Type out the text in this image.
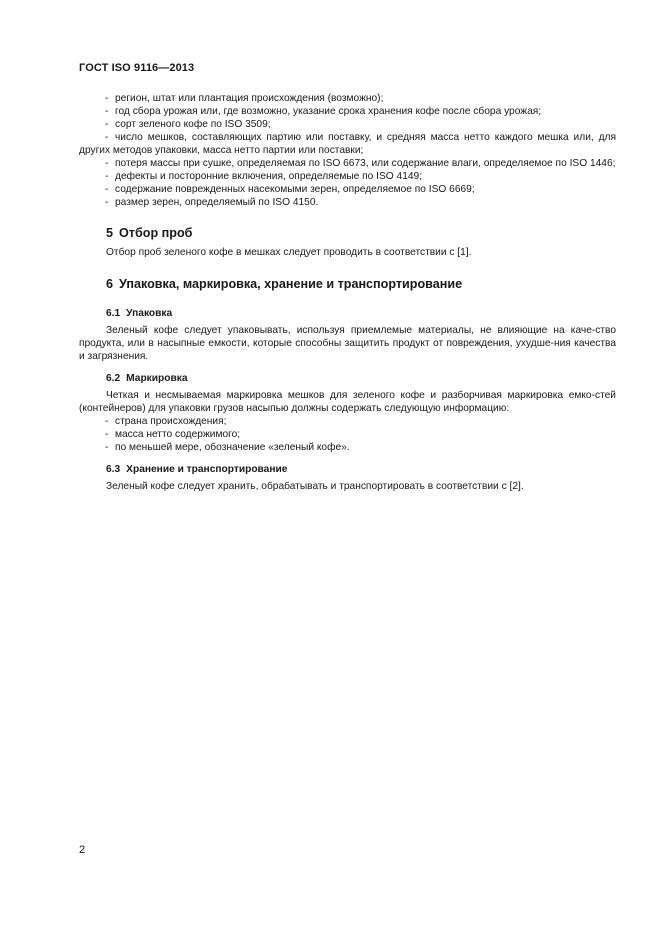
ГОСТ ISO 9116—2013
- регион, штат или плантация происхождения (возможно);
- год сбора урожая или, где возможно, указание срока хранения кофе после сбора урожая;
- сорт зеленого кофе по ISO 3509;
- число мешков, составляющих партию или поставку, и средняя масса нетто каждого мешка или, для других методов упаковки, масса нетто партии или поставки;
- потеря массы при сушке, определяемая по ISO 6673, или содержание влаги, определяемое по ISO 1446;
- дефекты и посторонние включения, определяемые по ISO 4149;
- содержание поврежденных насекомыми зерен, определяемое по ISO 6669;
- размер зерен, определяемый по ISO 4150.
5 Отбор проб
Отбор проб зеленого кофе в мешках следует проводить в соответствии с [1].
6 Упаковка, маркировка, хранение и транспортирование
6.1 Упаковка
Зеленый кофе следует упаковывать, используя приемлемые материалы, не влияющие на каче-ство продукта, или в насыпные емкости, которые способны защитить продукт от повреждения, ухудше-ния качества и загрязнения.
6.2 Маркировка
Четкая и несмываемая маркировка мешков для зеленого кофе и разборчивая маркировка емко-стей (контейнеров) для упаковки грузов насыпью должны содержать следующую информацию:
- страна происхождения;
- масса нетто содержимого;
- по меньшей мере, обозначение «зеленый кофе».
6.3 Хранение и транспортирование
Зеленый кофе следует хранить, обрабатывать и транспортировать в соответствии с [2].
2
